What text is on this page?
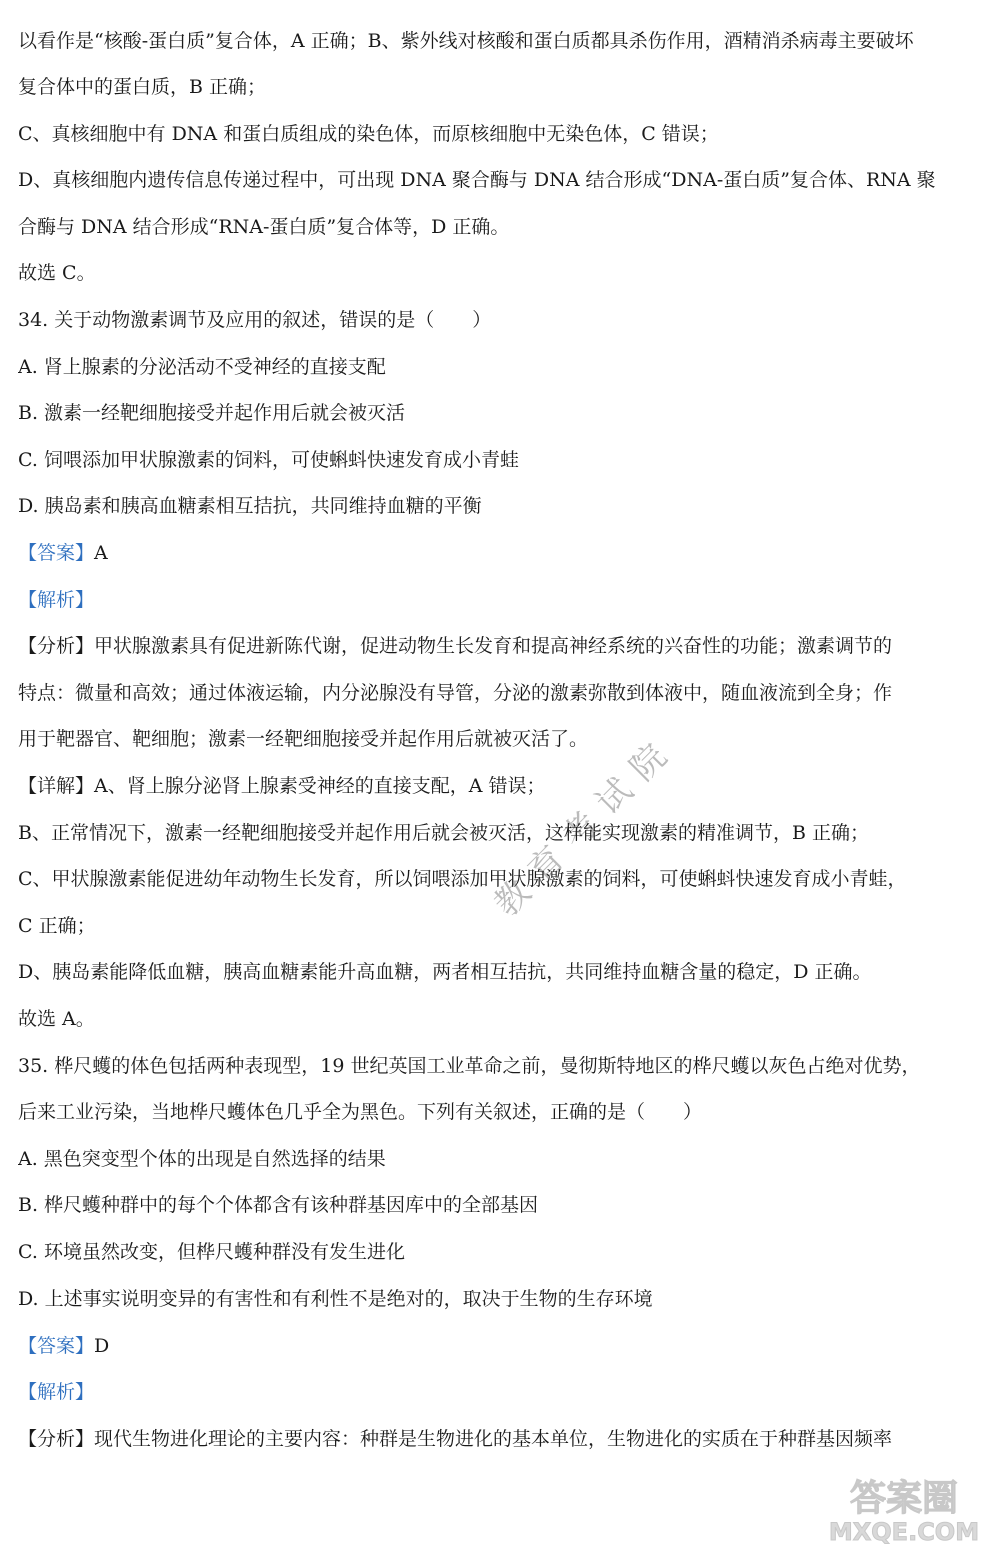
以看作是“核酸-蛋白质”复合体，A 正确；B、紫外线对核酸和蛋白质都具杀伤作用，酒精消杀病毒主要破坏
复合体中的蛋白质，B 正确；
C、真核细胞中有 DNA 和蛋白质组成的染色体，而原核细胞中无染色体，C 错误；
D、真核细胞内遗传信息传递过程中，可出现 DNA 聚合酶与 DNA 结合形成“DNA-蛋白质”复合体、RNA 聚
合酶与 DNA 结合形成“RNA-蛋白质”复合体等，D 正确。
故选 C。
34. 关于动物激素调节及应用的叙述，错误的是（　　）
A. 肾上腺素的分泌活动不受神经的直接支配
B. 激素一经靶细胞接受并起作用后就会被灭活
C. 饲喂添加甲状腺激素的饲料，可使蝌蚪快速发育成小青蛙
D. 胰岛素和胰高血糖素相互拮抗，共同维持血糖的平衡
【答案】A
【解析】
【分析】甲状腺激素具有促进新陈代谢，促进动物生长发育和提高神经系统的兴奋性的功能；激素调节的
特点：微量和高效；通过体液运输，内分泌腺没有导管，分泌的激素弥散到体液中，随血液流到全身；作
用于靶器官、靶细胞；激素一经靶细胞接受并起作用后就被灭活了。
【详解】A、肾上腺分泌肾上腺素受神经的直接支配，A 错误；
B、正常情况下，激素一经靶细胞接受并起作用后就会被灭活，这样能实现激素的精准调节，B 正确；
C、甲状腺激素能促进幼年动物生长发育，所以饲喂添加甲状腺激素的饲料，可使蝌蚪快速发育成小青蛙，
C 正确；
D、胰岛素能降低血糖，胰高血糖素能升高血糖，两者相互拮抗，共同维持血糖含量的稳定，D 正确。
故选 A。
35. 桦尺蠖的体色包括两种表现型，19 世纪英国工业革命之前，曼彻斯特地区的桦尺蠖以灰色占绝对优势，
后来工业污染，当地桦尺蠖体色几乎全为黑色。下列有关叙述，正确的是（　　）
A. 黑色突变型个体的出现是自然选择的结果
B. 桦尺蠖种群中的每个个体都含有该种群基因库中的全部基因
C. 环境虽然改变，但桦尺蠖种群没有发生进化
D. 上述事实说明变异的有害性和有利性不是绝对的，取决于生物的生存环境
【答案】D
【解析】
【分析】现代生物进化理论的主要内容：种群是生物进化的基本单位，生物进化的实质在于种群基因频率
教育考试院
答案圈
MXQE.COM
